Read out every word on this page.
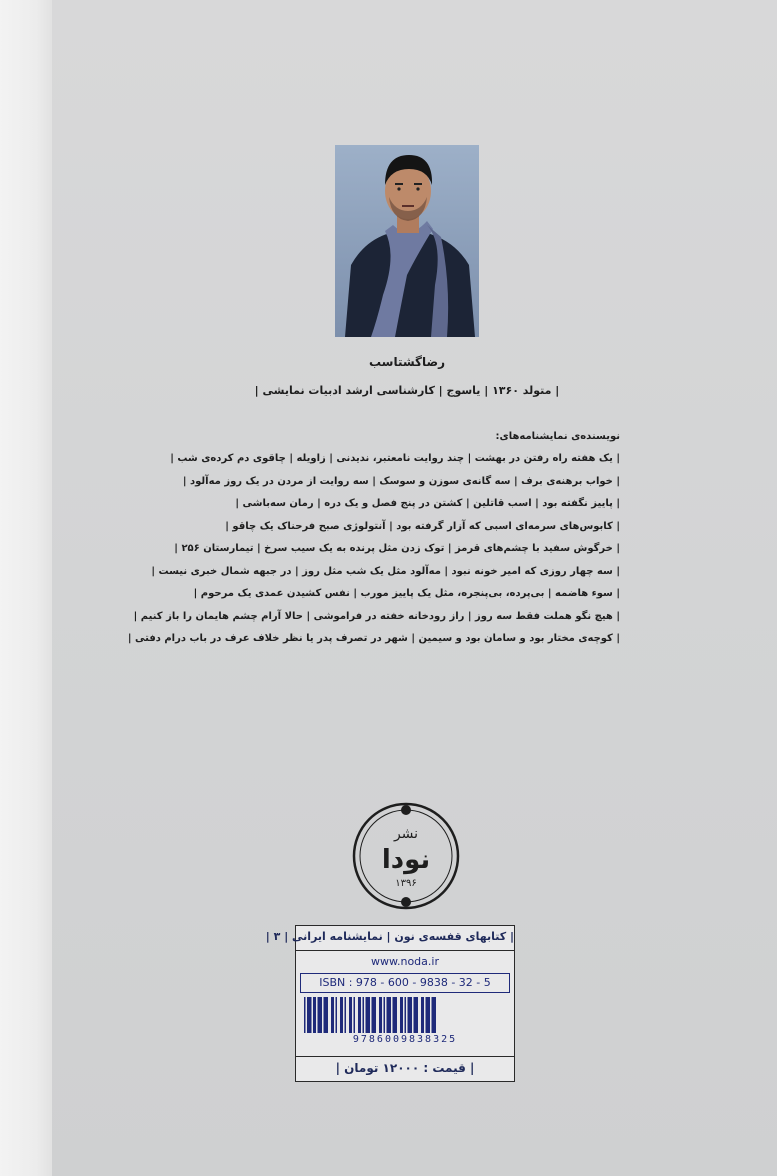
رضاگشتاسب
| متولد ۱۳۶۰ | یاسوج | کارشناسی ارشد ادبیات نمایشی |
نویسنده‌ی نمایشنامه‌های:
| یک هفته راه رفتن در بهشت | چند روایت نامعتبر، ندیدنی | زاویله | چاقوی دم کرده‌ی شب |
| خواب برهنه‌ی برف | سه گانه‌ی سوزن و سوسک | سه روایت از مردن در یک روز مه‌آلود |
| پاییز نگفته بود | اسب قاتلین | کشتن در پنج فصل و یک دره | رمان سه‌باشی |
| کابوس‌های سرمه‌ای اسبی که آزار گرفته بود | آنتولوژی صبح فرحناک یک چاقو |
| خرگوش سفید با چشم‌های قرمز | توک زدن مثل پرنده به یک سیب سرخ | تیمارستان ۲۵۶ |
| سه چهار روزی که امیر خونه نبود | مه‌آلود مثل یک شب مثل روز | در جبهه شمال خبری نیست |
| سوء هاضمه | بی‌پرده، بی‌پنجره، مثل یک پاییز مورب | نفس کشیدن عمدی یک مرحوم |
| هیچ نگو هملت فقط سه روز | راز رودخانه خفته در فراموشی | حالا آرام چشم هایمان را باز کنیم |
| کوچه‌ی مختار بود و سامان بود و سیمین | شهر در تصرف پدر یا نظر خلاف عرف در باب درام دفتی |
نشر
نودا
۱۳۹۶
| کتابهای قفسه‌ی نون | نمایشنامه ایرانی | ۳ |
www.noda.ir
ISBN : 978 - 600 - 9838 - 32 - 5
9786009838325
| قیمت : ۱۲۰۰۰ تومان |
